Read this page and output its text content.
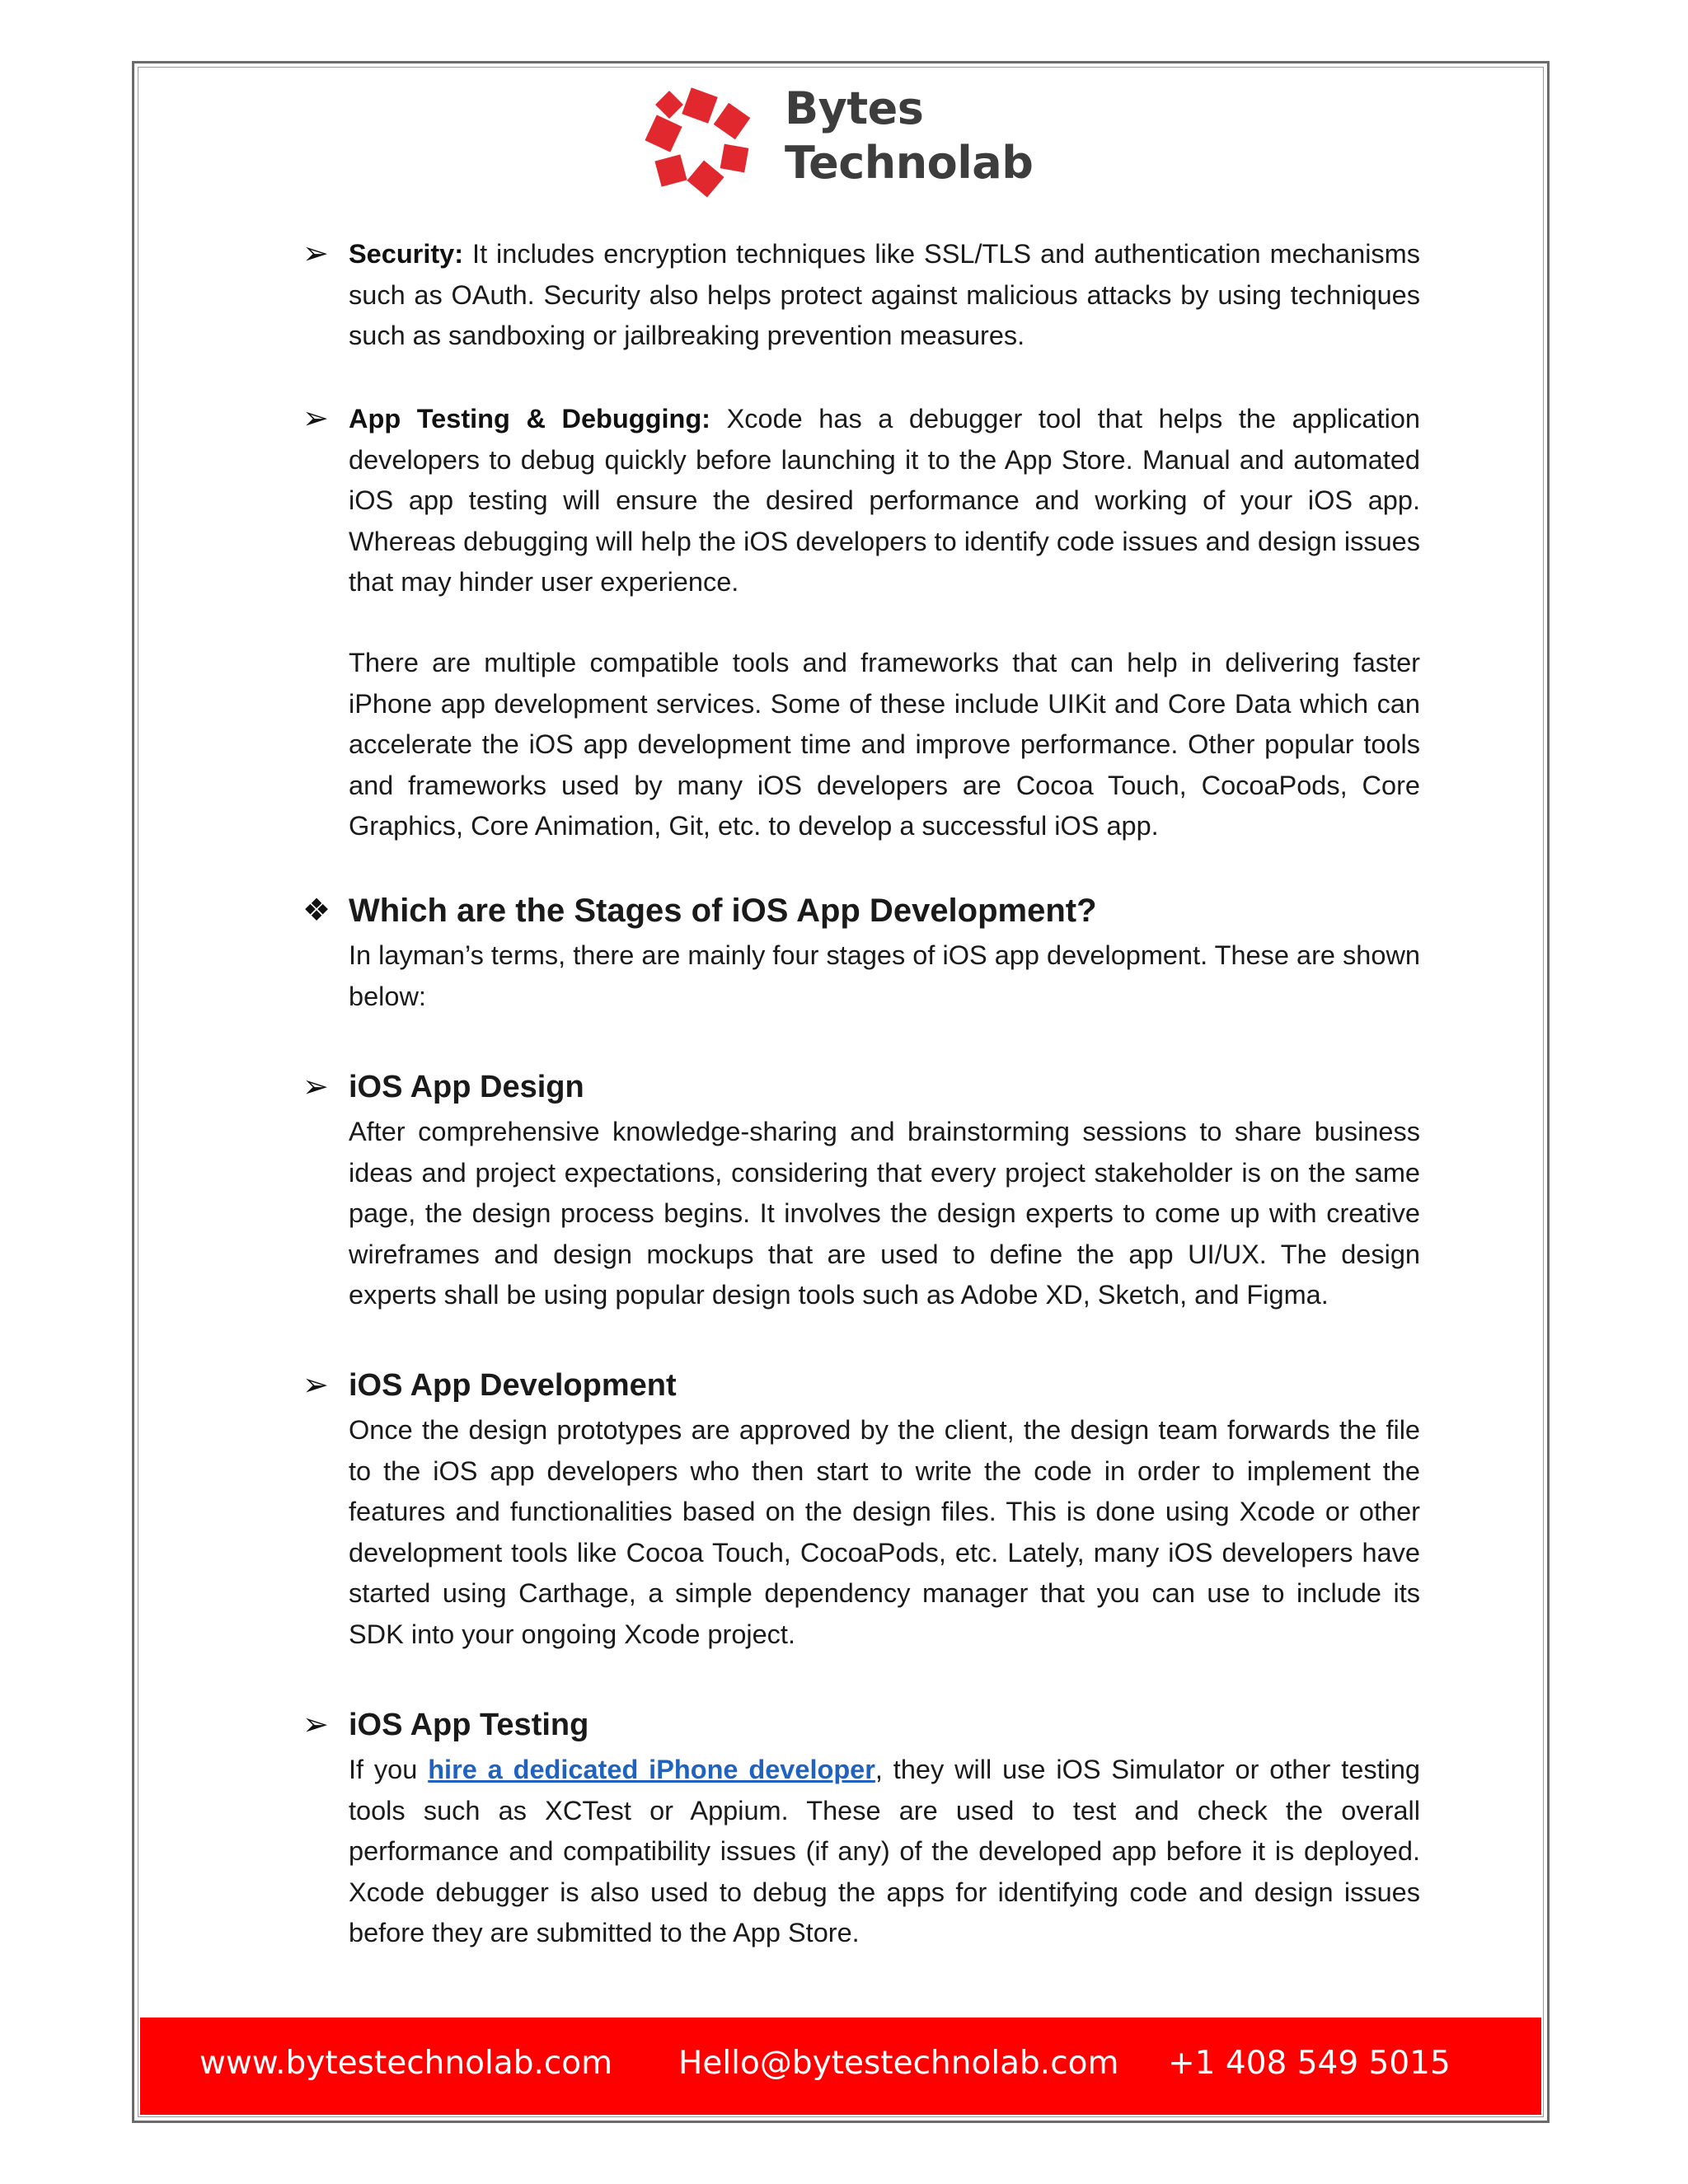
Bytes
Technolab
➢ Security: It includes encryption techniques like SSL/TLS and authentication mechanisms such as OAuth. Security also helps protect against malicious attacks by using techniques such as sandboxing or jailbreaking prevention measures.
➢ App Testing & Debugging: Xcode has a debugger tool that helps the application developers to debug quickly before launching it to the App Store. Manual and automated iOS app testing will ensure the desired performance and working of your iOS app. Whereas debugging will help the iOS developers to identify code issues and design issues that may hinder user experience.
There are multiple compatible tools and frameworks that can help in delivering faster iPhone app development services. Some of these include UIKit and Core Data which can accelerate the iOS app development time and improve performance. Other popular tools and frameworks used by many iOS developers are Cocoa Touch, CocoaPods, Core Graphics, Core Animation, Git, etc. to develop a successful iOS app.
❖ Which are the Stages of iOS App Development?
In layman’s terms, there are mainly four stages of iOS app development. These are shown below:
➢ iOS App Design
After comprehensive knowledge-sharing and brainstorming sessions to share business ideas and project expectations, considering that every project stakeholder is on the same page, the design process begins. It involves the design experts to come up with creative wireframes and design mockups that are used to define the app UI/UX. The design experts shall be using popular design tools such as Adobe XD, Sketch, and Figma.
➢ iOS App Development
Once the design prototypes are approved by the client, the design team forwards the file to the iOS app developers who then start to write the code in order to implement the features and functionalities based on the design files. This is done using Xcode or other development tools like Cocoa Touch, CocoaPods, etc. Lately, many iOS developers have started using Carthage, a simple dependency manager that you can use to include its SDK into your ongoing Xcode project.
➢ iOS App Testing
If you hire a dedicated iPhone developer, they will use iOS Simulator or other testing tools such as XCTest or Appium. These are used to test and check the overall performance and compatibility issues (if any) of the developed app before it is deployed. Xcode debugger is also used to debug the apps for identifying code and design issues before they are submitted to the App Store.
www.bytestechnolab.com Hello@bytestechnolab.com +1 408 549 5015
